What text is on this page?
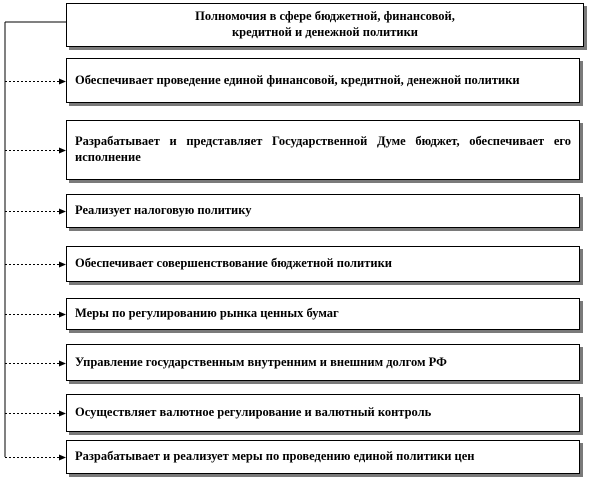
Полномочия в сфере бюджетной, финансовой,
кредитной и денежной политики
Обеспечивает проведение единой финансовой, кредитной, денежной политики
Разрабатывает и представляет Государственной Думе бюджет, обеспечивает его исполнение
Реализует налоговую политику
Обеспечивает совершенствование бюджетной политики
Меры по регулированию рынка ценных бумаг
Управление государственным внутренним и внешним долгом РФ
Осуществляет валютное регулирование и валютный контроль
Разрабатывает и реализует меры по проведению единой политики цен
